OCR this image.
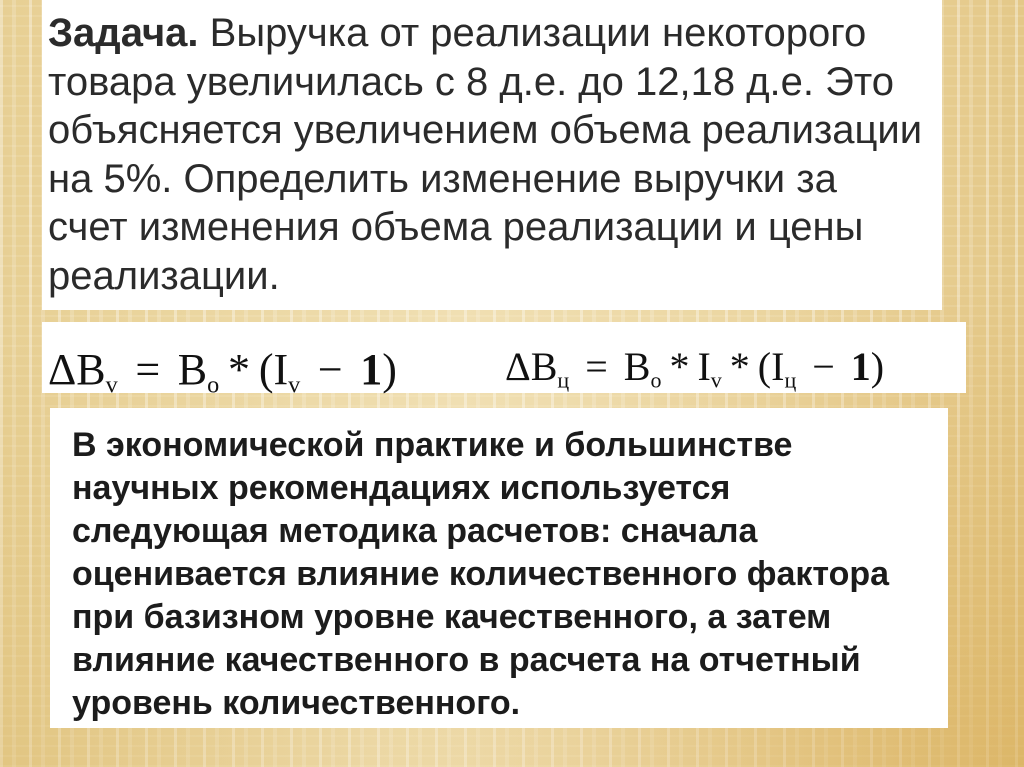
Задача. Выручка от реализации некоторого
товара увеличилась с 8 д.е. до 12,18 д.е. Это
объясняется увеличением объема реализации
на 5%. Определить изменение выручки за
счет изменения объема реализации и цены
реализации.
$\Delta В_v = В_o * (I_v - 1)$	$\Delta В_ц = В_o * I_v * (I_ц - 1)$
В экономической практике и большинстве
научных рекомендациях используется
следующая методика расчетов: сначала
оценивается влияние количественного фактора
при базизном уровне качественного, а затем
влияние качественного в расчета на отчетный
уровень количественного.
